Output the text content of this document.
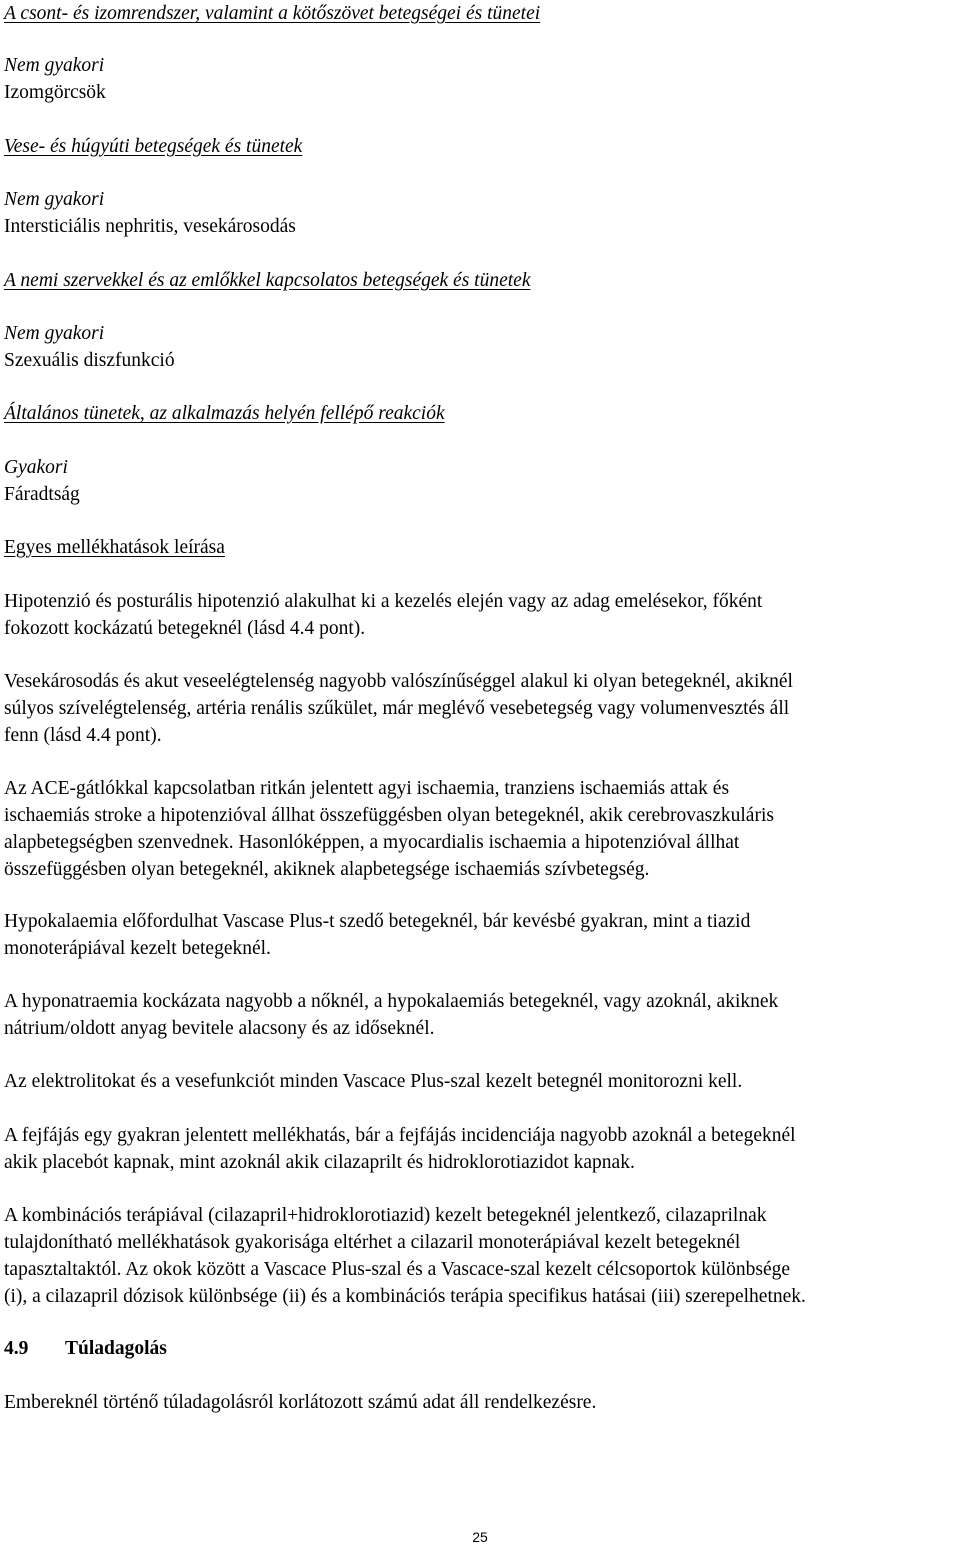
A csont- és izomrendszer, valamint a kötőszövet betegségei és tünetei

Nem gyakori

Izomgörcsök

Vese- és húgyúti betegségek és tünetek

Nem gyakori

Intersticiális nephritis, vesekárosodás

A nemi szervekkel és az emlőkkel kapcsolatos betegségek és tünetek

Nem gyakori

Szexuális diszfunkció

Általános tünetek, az alkalmazás helyén fellépő reakciók

Gyakori

Fáradtság

Egyes mellékhatások leírása

Hipotenzió és posturális hipotenzió alakulhat ki a kezelés elején vagy az adag emelésekor, főként
fokozott kockázatú betegeknél (lásd 4.4 pont).

Vesekárosodás és akut veseelégtelenség nagyobb valószínűséggel alakul ki olyan betegeknél, akiknél
súlyos szívelégtelenség, artéria renális szűkület, már meglévő vesebetegség vagy volumenvesztés áll
fenn (lásd 4.4 pont).

Az ACE-gátlókkal kapcsolatban ritkán jelentett agyi ischaemia, tranziens ischaemiás attak és
ischaemiás stroke a hipotenzióval állhat összefüggésben olyan betegeknél, akik cerebrovaszkuláris
alapbetegségben szenvednek. Hasonlóképpen, a myocardialis ischaemia a hipotenzióval állhat
összefüggésben olyan betegeknél, akiknek alapbetegsége ischaemiás szívbetegség.

Hypokalaemia előfordulhat Vascase Plus-t szedő betegeknél, bár kevésbé gyakran, mint a tiazid
monoterápiával kezelt betegeknél.

A hyponatraemia kockázata nagyobb a nőknél, a hypokalaemiás betegeknél, vagy azoknál, akiknek
nátrium/oldott anyag bevitele alacsony és az időseknél.

Az elektrolitokat és a vesefunkciót minden Vascace Plus-szal kezelt betegnél monitorozni kell.

A fejfájás egy gyakran jelentett mellékhatás, bár a fejfájás incidenciája nagyobb azoknál a betegeknél
akik placebót kapnak, mint azoknál akik cilazaprilt és hidroklorotiazidot kapnak.

A kombinációs terápiával (cilazapril+hidroklorotiazid) kezelt betegeknél jelentkező, cilazaprilnak
tulajdonítható mellékhatások gyakorisága eltérhet a cilazaril monoterápiával kezelt betegeknél
tapasztaltaktól. Az okok között a Vascace Plus-szal és a Vascace-szal kezelt célcsoportok különbsége
(i), a cilazapril dózisok különbsége (ii) és a kombinációs terápia specifikus hatásai (iii) szerepelhetnek.

4.9 Túladagolás

Embereknél történő túladagolásról korlátozott számú adat áll rendelkezésre.

25
